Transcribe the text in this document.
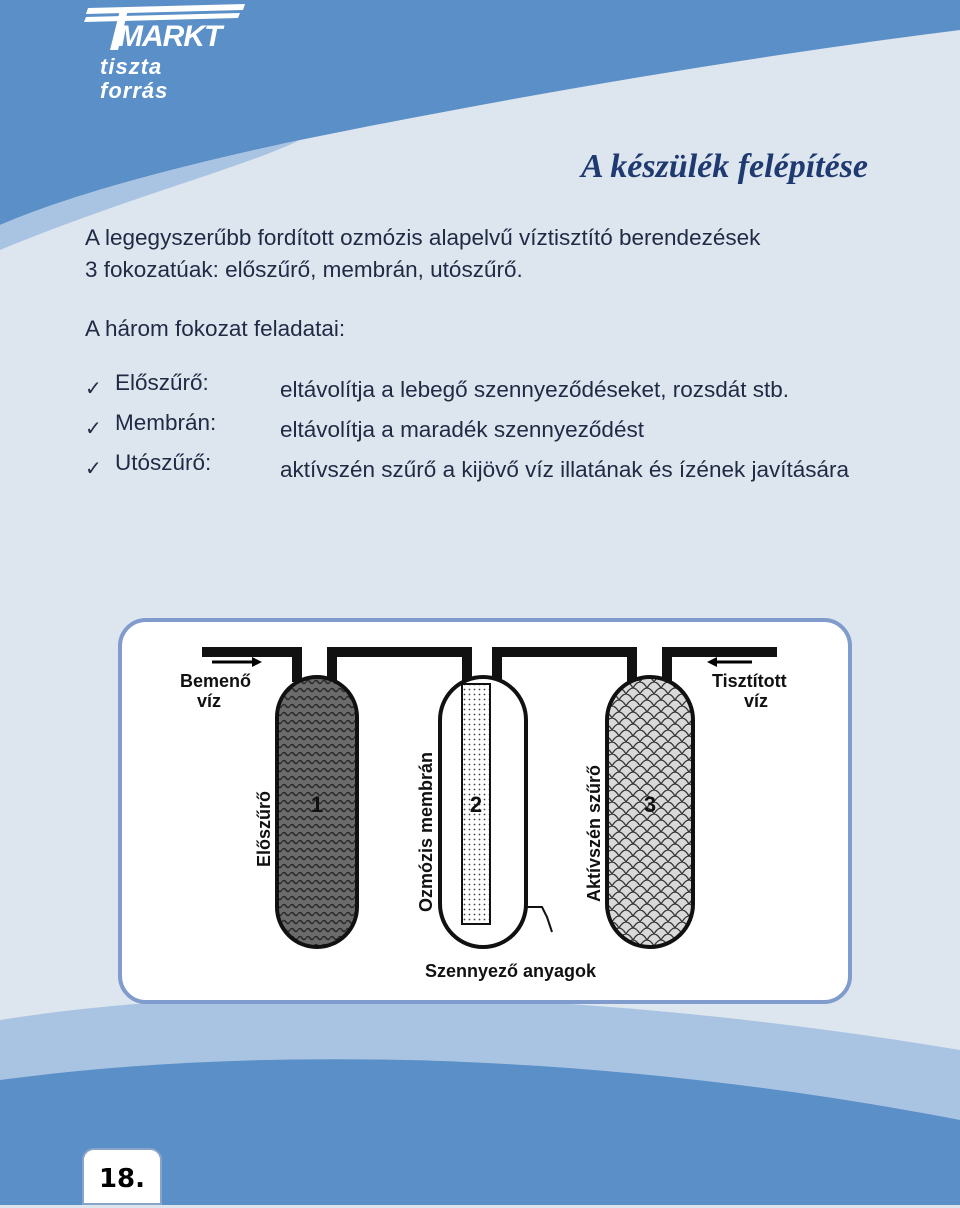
MARKT
tiszta
forrás
A készülék felépítése
A legegyszerűbb fordított ozmózis alapelvű víztisztító berendezések
3 fokozatúak: előszűrő, membrán, utószűrő.
A három fokozat feladatai:
✓ Előszűrő:	eltávolítja a lebegő szennyeződéseket, rozsdát stb.
✓ Membrán:	eltávolítja a maradék szennyeződést
✓ Utószűrő:	aktívszén szűrő a kijövő víz illatának és ízének javítására
Bemenő
víz
Tisztított
víz
Előszűrő	Ozmózis membrán	Aktívszén szűrő
1	2	3
Szennyező anyagok
18.
